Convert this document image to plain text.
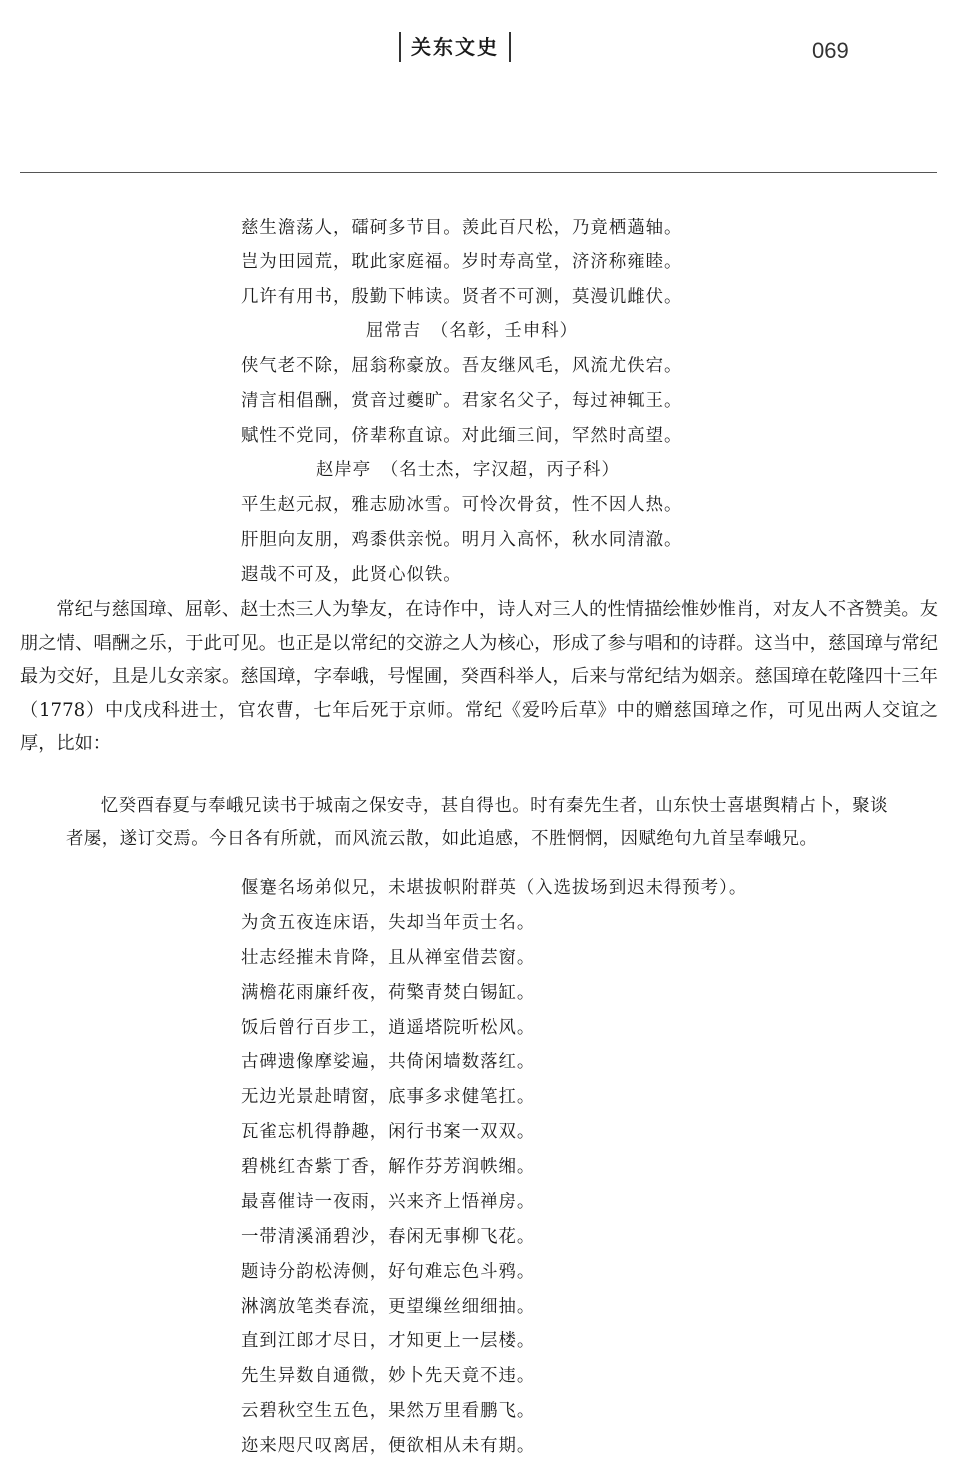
关东文史	069
慈生澹荡人，礌砢多节目。羡此百尺松，乃竟栖薖轴。
岂为田园荒，耽此家庭福。岁时寿高堂，济济称雍睦。
几许有用书，殷勤下帏读。贤者不可测，莫漫讥雌伏。
屈常吉　（名彰，壬申科）
侠气老不除，屈翁称豪放。吾友继风毛，风流尤佚宕。
清言相倡酬，赏音过夔旷。君家名父子，每过神辄王。
赋性不党同，侪辈称直谅。对此缅三间，罕然时高望。
赵岸亭　（名士杰，字汉超，丙子科）
平生赵元叔，雅志励冰雪。可怜次骨贫，性不因人热。
肝胆向友朋，鸡黍供亲悦。明月入高怀，秋水同清澈。
遐哉不可及，此贤心似铁。
常纪与慈国璋、屈彰、赵士杰三人为挚友，在诗作中，诗人对三人的性情描绘惟妙惟肖，对友人不吝赞美。友朋之情、唱酬之乐，于此可见。也正是以常纪的交游之人为核心，形成了参与唱和的诗群。这当中，慈国璋与常纪最为交好，且是儿女亲家。慈国璋，字奉峨，号惺圃，癸酉科举人，后来与常纪结为姻亲。慈国璋在乾隆四十三年（1778）中戊戌科进士，官农曹，七年后死于京师。常纪《爱吟后草》中的赠慈国璋之作，可见出两人交谊之厚，比如：
忆癸酉春夏与奉峨兄读书于城南之保安寺，甚自得也。时有秦先生者，山东快士喜堪舆精占卜，聚谈者屡，遂订交焉。今日各有所就，而风流云散，如此追感，不胜惘惘，因赋绝句九首呈奉峨兄。
偃蹇名场弟似兄，未堪拔帜附群英（入选拔场到迟未得预考）。
为贪五夜连床语，失却当年贡士名。
壮志经摧未肯降，且从禅室借芸窗。
满檐花雨廉纤夜，荷檠青焚白锡缸。
饭后曾行百步工，逍遥塔院听松风。
古碑遗像摩娑遍，共倚闲墙数落红。
无边光景赴晴窗，底事多求健笔扛。
瓦雀忘机得静趣，闲行书案一双双。
碧桃红杏紫丁香，解作芬芳润帙缃。
最喜催诗一夜雨，兴来齐上悟禅房。
一带清溪涌碧沙，春闲无事柳飞花。
题诗分韵松涛侧，好句难忘色斗鸦。
淋漓放笔类春流，更望缫丝细细抽。
直到江郎才尽日，才知更上一层楼。
先生异数自通微，妙卜先天竟不违。
云碧秋空生五色，果然万里看鹏飞。
迩来咫尺叹离居，便欲相从未有期。
